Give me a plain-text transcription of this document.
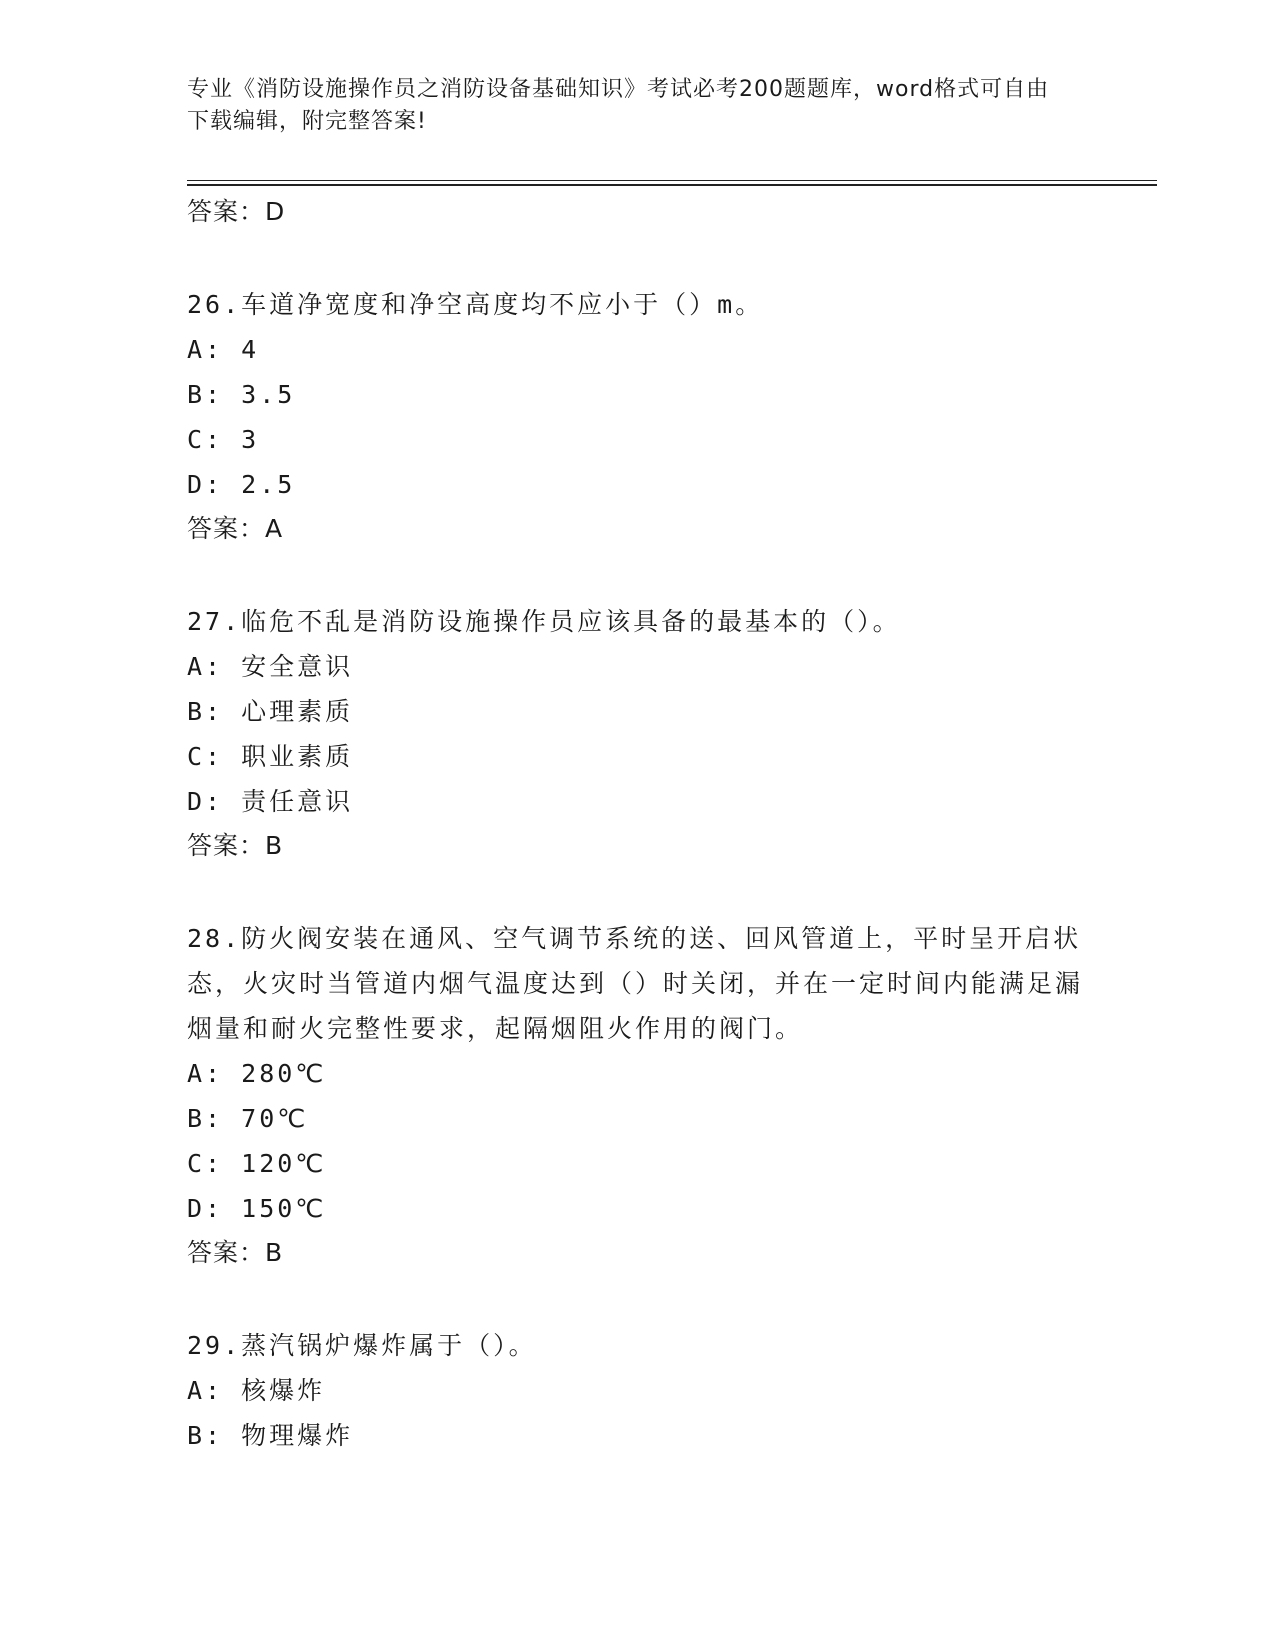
专业《消防设施操作员之消防设备基础知识》考试必考200题题库，word格式可自由下载编辑，附完整答案!
答案：D
26.车道净宽度和净空高度均不应小于（）m。
A: 4
B: 3.5
C: 3
D: 2.5
答案：A
27.临危不乱是消防设施操作员应该具备的最基本的（）。
A: 安全意识
B: 心理素质
C: 职业素质
D: 责任意识
答案：B
28.防火阀安装在通风、空气调节系统的送、回风管道上，平时呈开启状态，火灾时当管道内烟气温度达到（）时关闭，并在一定时间内能满足漏烟量和耐火完整性要求，起隔烟阻火作用的阀门。
A: 280℃
B: 70℃
C: 120℃
D: 150℃
答案：B
29.蒸汽锅炉爆炸属于（）。
A: 核爆炸
B: 物理爆炸
